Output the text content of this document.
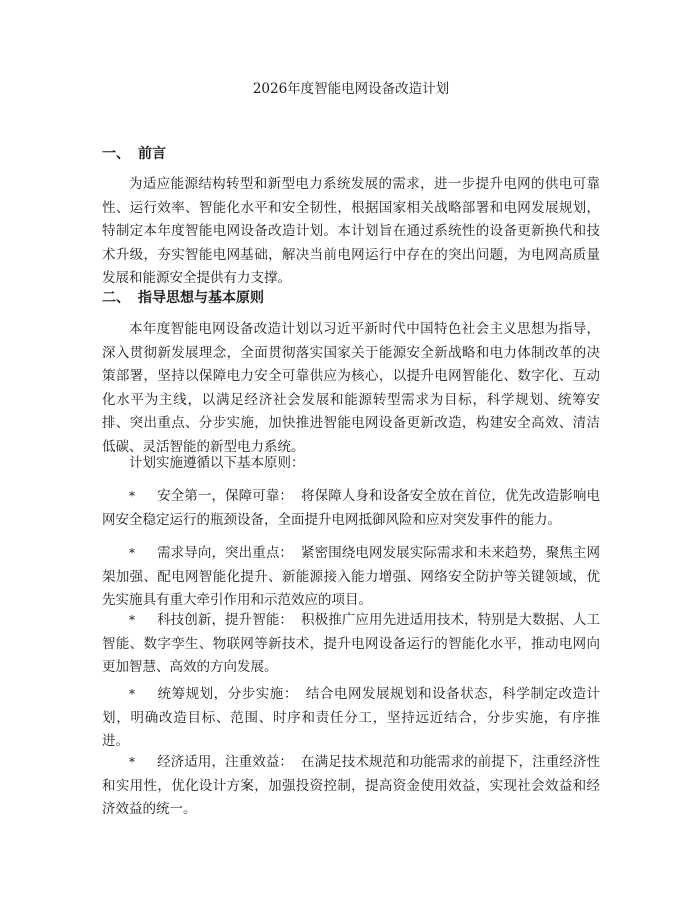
2026年度智能电网设备改造计划
一、 前言

为适应能源结构转型和新型电力系统发展的需求，进一步提升电网的供电可靠性、运行效率、智能化水平和安全韧性，根据国家相关战略部署和电网发展规划，特制定本年度智能电网设备改造计划。本计划旨在通过系统性的设备更新换代和技术升级，夯实智能电网基础，解决当前电网运行中存在的突出问题，为电网高质量发展和能源安全提供有力支撑。

二、 指导思想与基本原则

本年度智能电网设备改造计划以习近平新时代中国特色社会主义思想为指导，深入贯彻新发展理念，全面贯彻落实国家关于能源安全新战略和电力体制改革的决策部署，坚持以保障电力安全可靠供应为核心，以提升电网智能化、数字化、互动化水平为主线，以满足经济社会发展和能源转型需求为目标，科学规划、统筹安排、突出重点、分步实施，加快推进智能电网设备更新改造，构建安全高效、清洁低碳、灵活智能的新型电力系统。

计划实施遵循以下基本原则：

* 安全第一，保障可靠： 将保障人身和设备安全放在首位，优先改造影响电网安全稳定运行的瓶颈设备，全面提升电网抵御风险和应对突发事件的能力。

* 需求导向，突出重点： 紧密围绕电网发展实际需求和未来趋势，聚焦主网架加强、配电网智能化提升、新能源接入能力增强、网络安全防护等关键领域，优先实施具有重大牵引作用和示范效应的项目。

* 科技创新，提升智能： 积极推广应用先进适用技术，特别是大数据、人工智能、数字孪生、物联网等新技术，提升电网设备运行的智能化水平，推动电网向更加智慧、高效的方向发展。

* 统筹规划，分步实施： 结合电网发展规划和设备状态，科学制定改造计划，明确改造目标、范围、时序和责任分工，坚持远近结合，分步实施，有序推进。

* 经济适用，注重效益： 在满足技术规范和功能需求的前提下，注重经济性和实用性，优化设计方案，加强投资控制，提高资金使用效益，实现社会效益和经济效益的统一。
